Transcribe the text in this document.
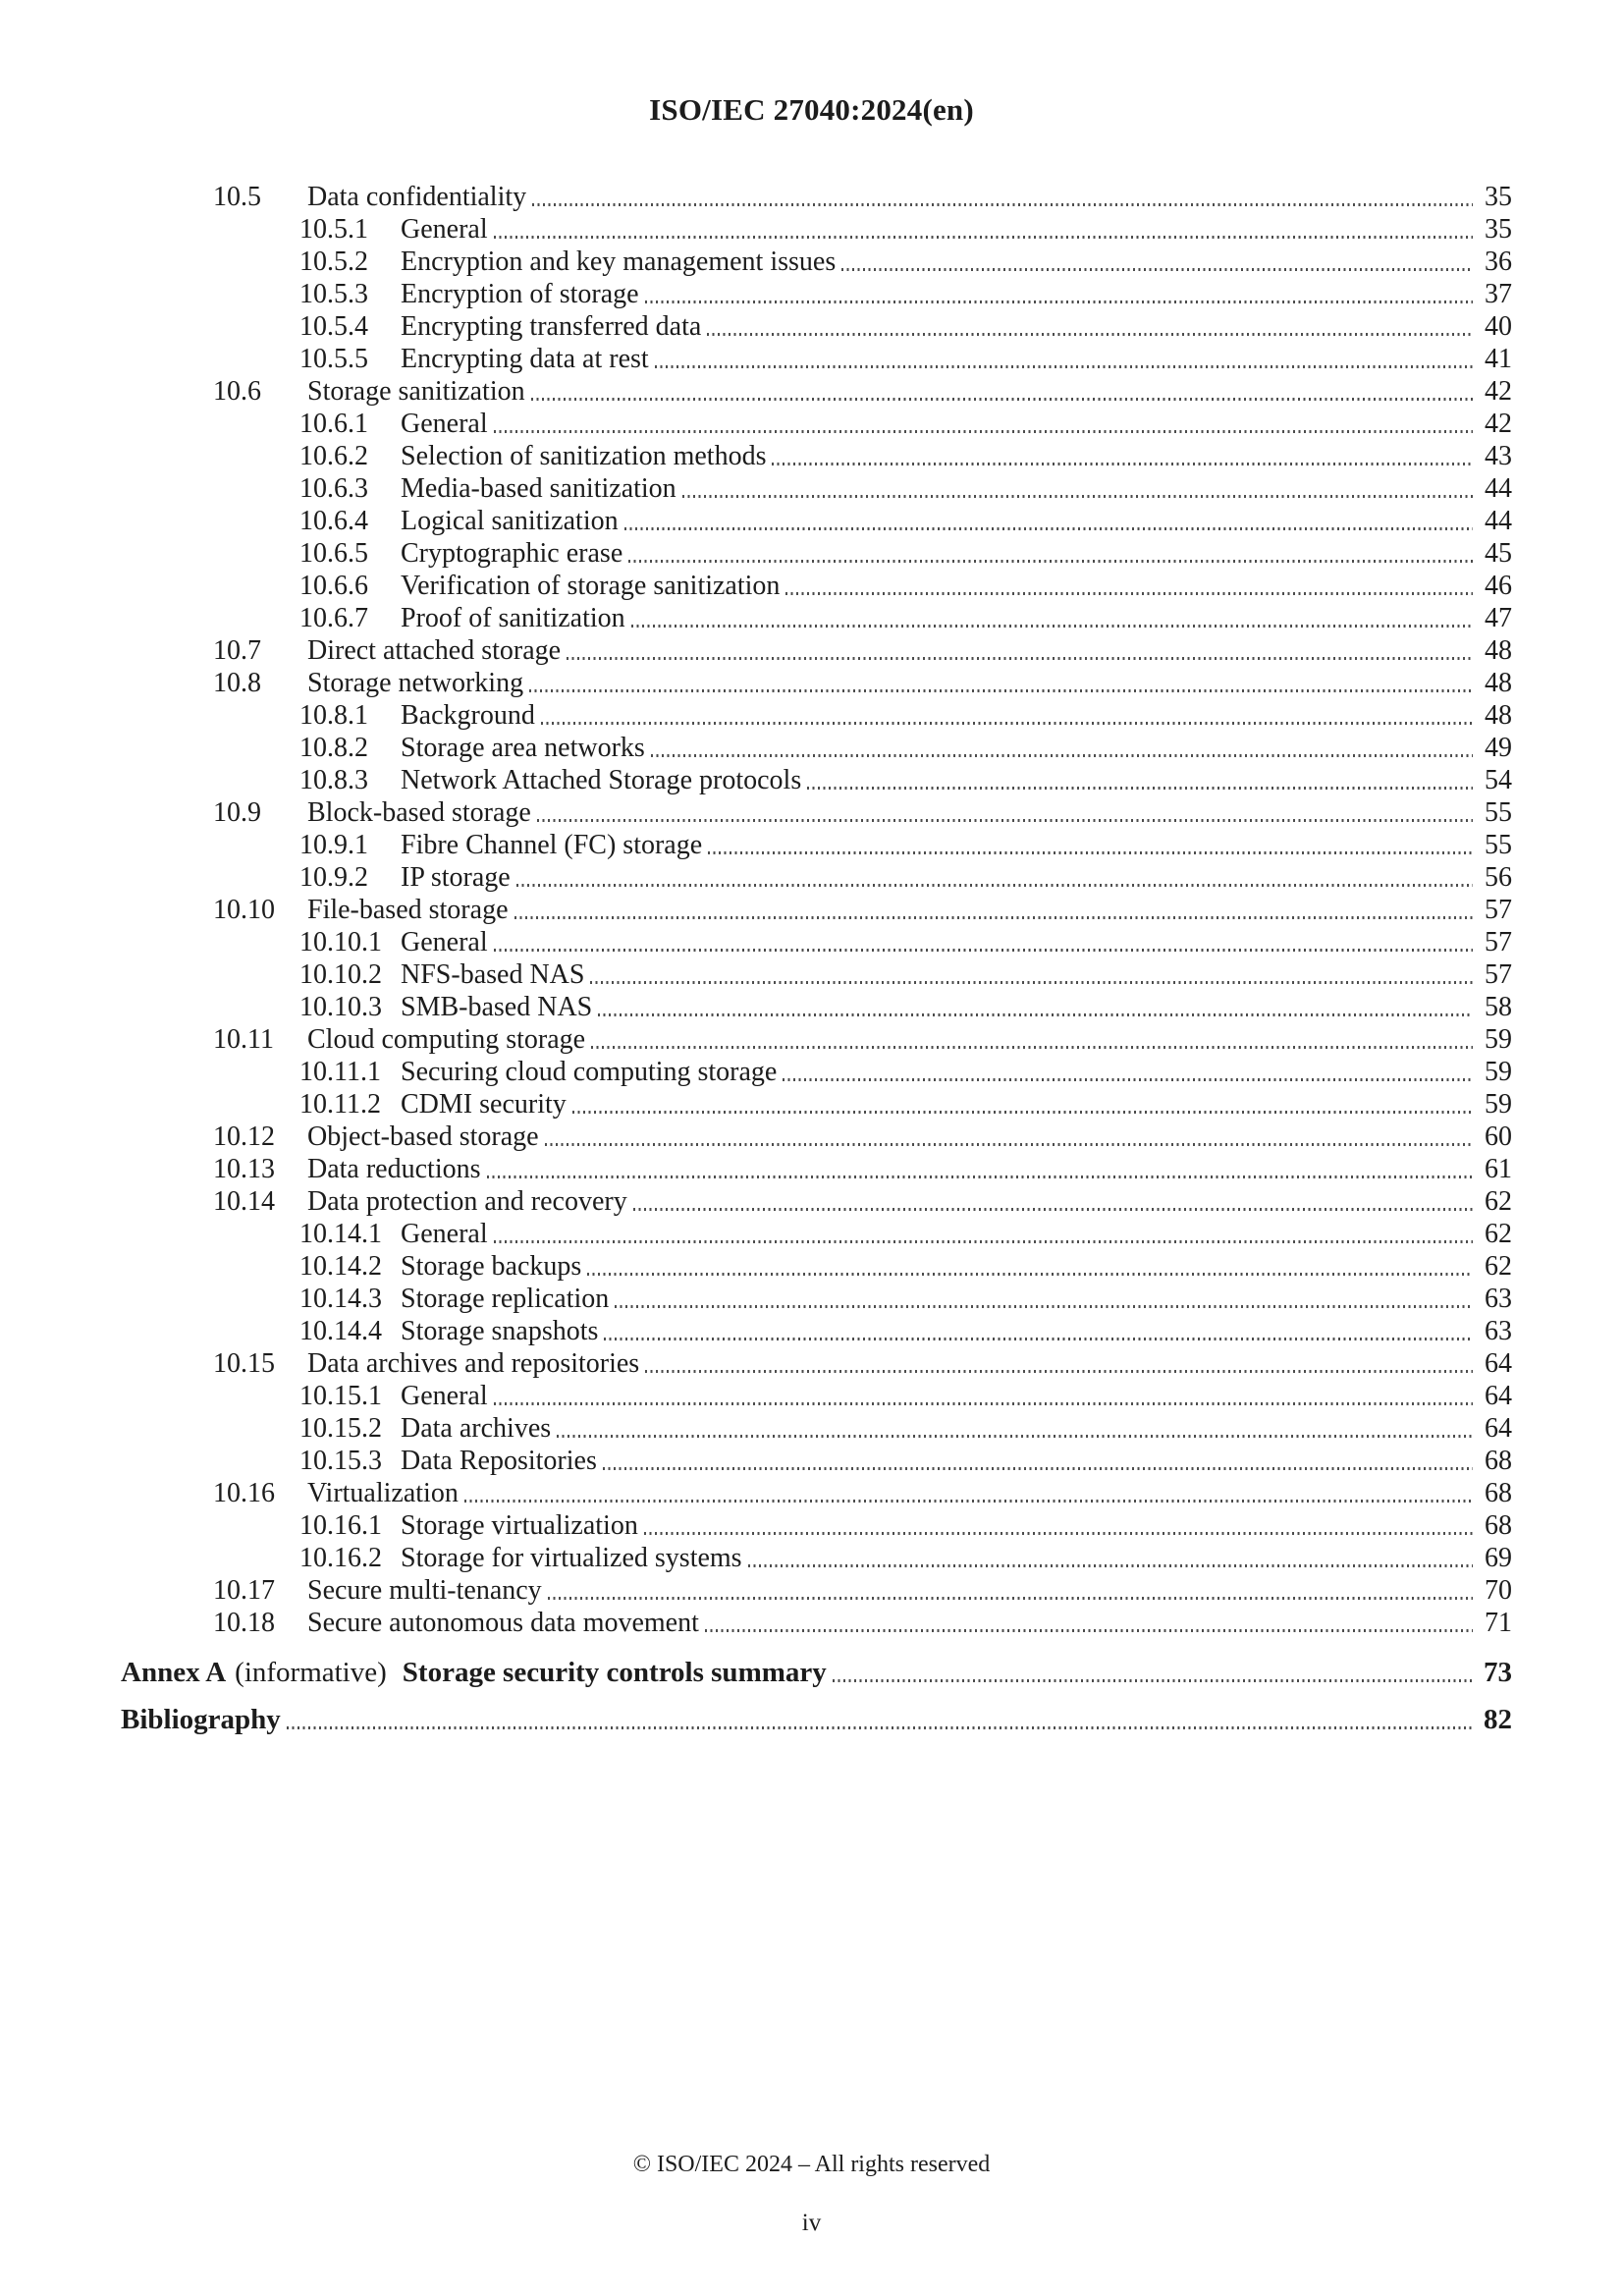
ISO/IEC 27040:2024(en)
10.5	Data confidentiality	35
10.5.1	General	35
10.5.2	Encryption and key management issues	36
10.5.3	Encryption of storage	37
10.5.4	Encrypting transferred data	40
10.5.5	Encrypting data at rest	41
10.6	Storage sanitization	42
10.6.1	General	42
10.6.2	Selection of sanitization methods	43
10.6.3	Media-based sanitization	44
10.6.4	Logical sanitization	44
10.6.5	Cryptographic erase	45
10.6.6	Verification of storage sanitization	46
10.6.7	Proof of sanitization	47
10.7	Direct attached storage	48
10.8	Storage networking	48
10.8.1	Background	48
10.8.2	Storage area networks	49
10.8.3	Network Attached Storage protocols	54
10.9	Block-based storage	55
10.9.1	Fibre Channel (FC) storage	55
10.9.2	IP storage	56
10.10	File-based storage	57
10.10.1 General	57
10.10.2 NFS-based NAS	57
10.10.3 SMB-based NAS	58
10.11	Cloud computing storage	59
10.11.1 Securing cloud computing storage	59
10.11.2 CDMI security	59
10.12	Object-based storage	60
10.13	Data reductions	61
10.14	Data protection and recovery	62
10.14.1 General	62
10.14.2 Storage backups	62
10.14.3 Storage replication	63
10.14.4 Storage snapshots	63
10.15	Data archives and repositories	64
10.15.1 General	64
10.15.2 Data archives	64
10.15.3 Data Repositories	68
10.16	Virtualization	68
10.16.1 Storage virtualization	68
10.16.2 Storage for virtualized systems	69
10.17	Secure multi-tenancy	70
10.18	Secure autonomous data movement	71
Annex A (informative) Storage security controls summary	73
Bibliography	82
© ISO/IEC 2024 – All rights reserved
iv
